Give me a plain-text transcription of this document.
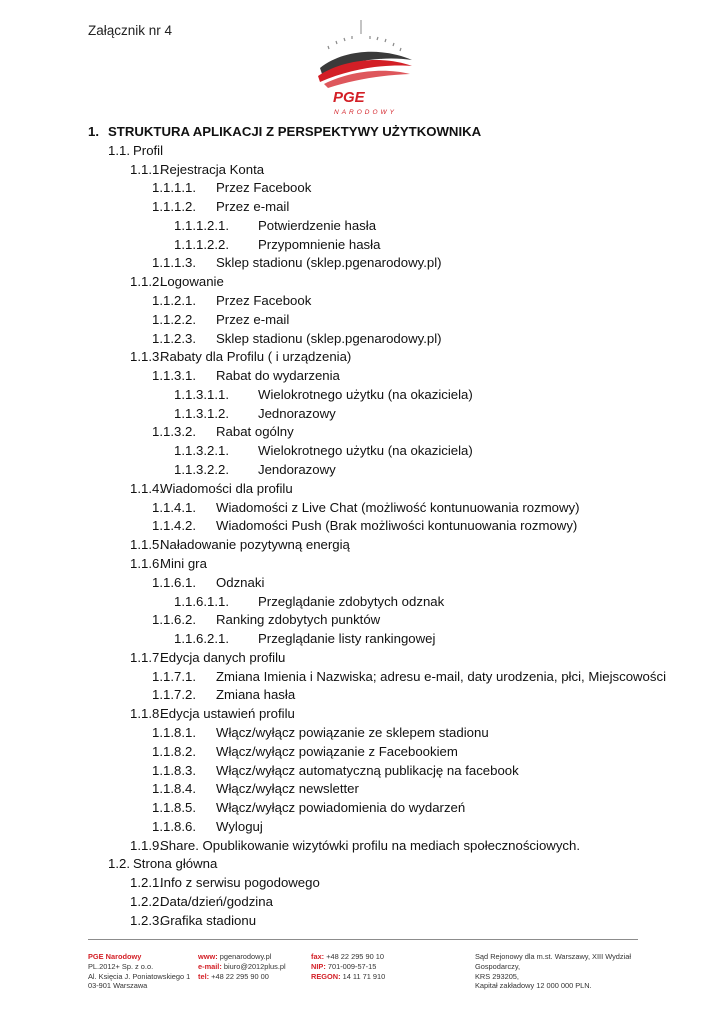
Załącznik nr 4
PGE
NARODOWY
1. STRUKTURA APLIKACJI Z PERSPEKTYWY UŻYTKOWNIKA
1.1. Profil
1.1.1.
Rejestracja Konta
1.1.1.1. Przez Facebook
1.1.1.2. Przez e-mail
1.1.1.2.1. Potwierdzenie hasła
1.1.1.2.2. Przypomnienie hasła
1.1.1.3. Sklep stadionu (sklep.pgenarodowy.pl)
1.1.2.
Logowanie
1.1.2.1. Przez Facebook
1.1.2.2. Przez e-mail
1.1.2.3. Sklep stadionu (sklep.pgenarodowy.pl)
1.1.3.
Rabaty dla Profilu ( i urządzenia)
1.1.3.1. Rabat do wydarzenia
1.1.3.1.1. Wielokrotnego użytku (na okaziciela)
1.1.3.1.2. Jednorazowy
1.1.3.2. Rabat ogólny
1.1.3.2.1. Wielokrotnego użytku (na okaziciela)
1.1.3.2.2. Jendorazowy
1.1.4.
Wiadomości dla profilu
1.1.4.1. Wiadomości z Live Chat (możliwość kontunuowania rozmowy)
1.1.4.2. Wiadomości Push (Brak możliwości kontunuowania rozmowy)
1.1.5.
Naładowanie pozytywną energią
1.1.6.
Mini gra
1.1.6.1. Odznaki
1.1.6.1.1. Przeglądanie zdobytych odznak
1.1.6.2. Ranking zdobytych punktów
1.1.6.2.1. Przeglądanie listy rankingowej
1.1.7.
Edycja danych profilu
1.1.7.1. Zmiana Imienia i Nazwiska; adresu e-mail, daty urodzenia, płci, Miejscowości
1.1.7.2. Zmiana hasła
1.1.8.
Edycja ustawień profilu
1.1.8.1. Włącz/wyłącz powiązanie ze sklepem stadionu
1.1.8.2. Włącz/wyłącz powiązanie z Facebookiem
1.1.8.3. Włącz/wyłącz automatyczną publikację na facebook
1.1.8.4. Włącz/wyłącz newsletter
1.1.8.5. Włącz/wyłącz powiadomienia do wydarzeń
1.1.8.6. Wyloguj
1.1.9.
Share. Opublikowanie wizytówki profilu na mediach społecznościowych.
1.2. Strona główna
1.2.1.
Info z serwisu pogodowego
1.2.2.
Data/dzień/godzina
1.2.3.
Grafika stadionu
PGE Narodowy
PL.2012+ Sp. z o.o.
Al. Księcia J. Poniatowskiego 1
03-901 Warszawa
www: pgenarodowy.pl
e-mail: biuro@2012plus.pl
tel: +48 22 295 90 00
fax: +48 22 295 90 10
NIP: 701-009-57-15
REGON: 14 11 71 910
Sąd Rejonowy dla m.st. Warszawy, XIII Wydział Gospodarczy,
KRS 293205,
Kapitał zakładowy 12 000 000 PLN.
